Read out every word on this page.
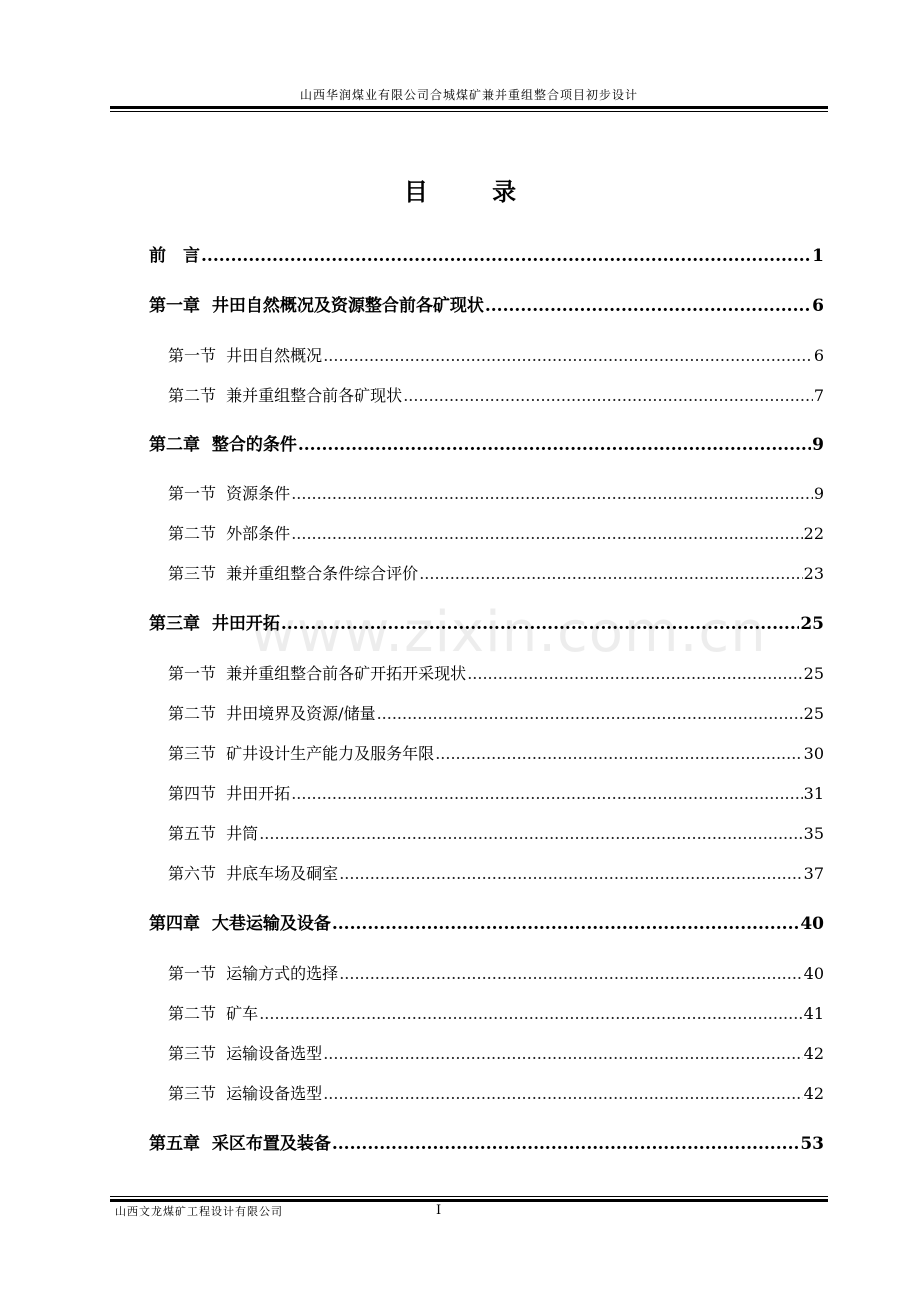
山西华润煤业有限公司合城煤矿兼并重组整合项目初步设计
目 录
www.zixin.com.cn
前　言 .....	1
第一章  井田自然概况及资源整合前各矿现状 .....	6
第一节  井田自然概况 .....	6
第二节  兼并重组整合前各矿现状 .....	7
第二章  整合的条件 .....	9
第一节  资源条件 .....	9
第二节  外部条件 .....	22
第三节  兼并重组整合条件综合评价 .....	23
第三章  井田开拓 .....	25
第一节  兼并重组整合前各矿开拓开采现状 .....	25
第二节  井田境界及资源/储量 .....	25
第三节  矿井设计生产能力及服务年限 .....	30
第四节  井田开拓 .....	31
第五节  井筒 .....	35
第六节  井底车场及硐室 .....	37
第四章  大巷运输及设备 .....	40
第一节  运输方式的选择 .....	40
第二节  矿车 .....	41
第三节  运输设备选型 .....	42
第三节  运输设备选型 .....	42
第五章  采区布置及装备 .....	53
山西文龙煤矿工程设计有限公司	I
